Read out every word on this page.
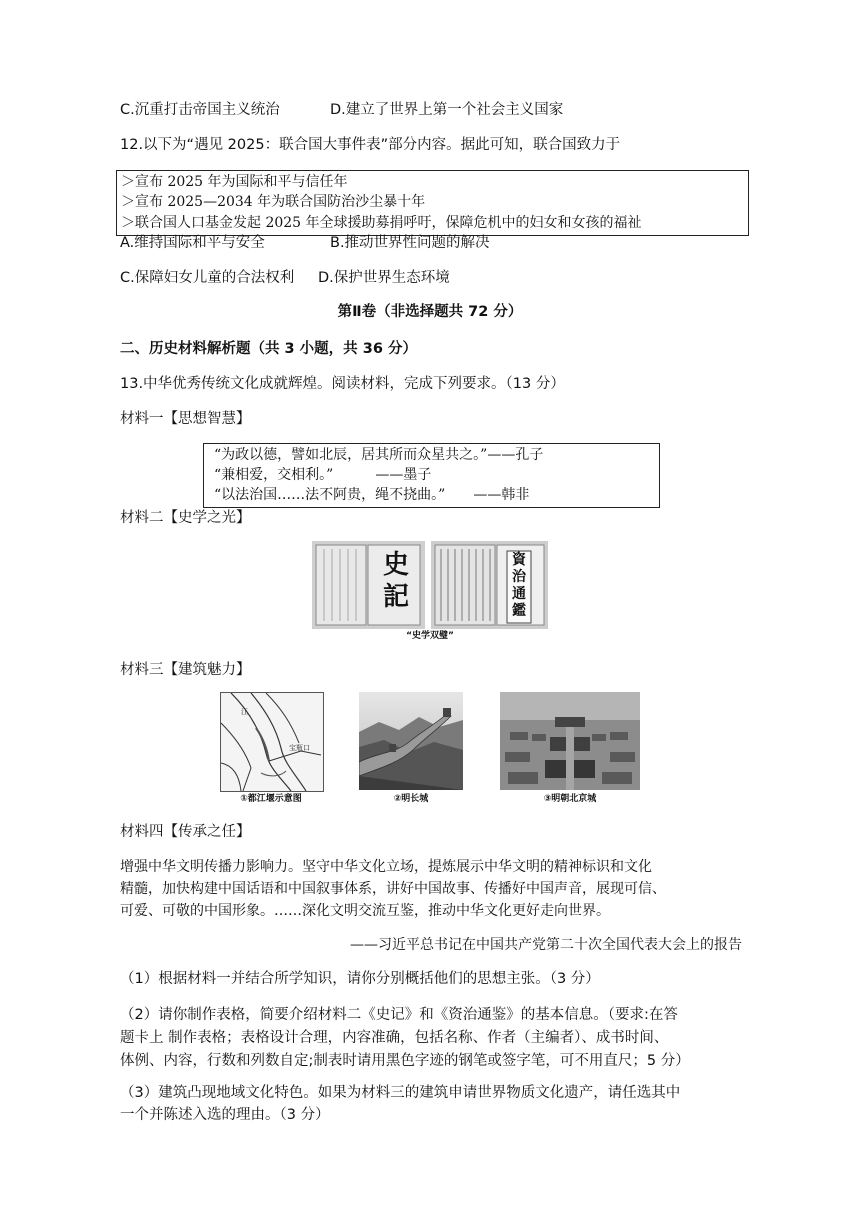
C.沉重打击帝国主义统治	D.建立了世界上第一个社会主义国家
12.以下为“遇见 2025：联合国大事件表”部分内容。据此可知，联合国致力于
＞宣布 2025 年为国际和平与信任年
＞宣布 2025—2034 年为联合国防治沙尘暴十年
＞联合国人口基金发起 2025 年全球援助募捐呼吁，保障危机中的妇女和女孩的福祉
A.维持国际和平与安全	B.推动世界性问题的解决
C.保障妇女儿童的合法权利 D.保护世界生态环境
第Ⅱ卷（非选择题共 72 分）
二、历史材料解析题（共 3 小题，共 36 分）
13.中华优秀传统文化成就辉煌。阅读材料，完成下列要求。（13 分）
材料一【思想智慧】
“为政以德，譬如北辰，居其所而众星共之。”——孔子
“兼相爱，交相利。”　　　——墨子
“以法治国……法不阿贵，绳不挠曲。”　　——韩非
材料二【史学之光】
史
記
資
治
通
鑑
“史学双璧”
材料三【建筑魅力】
江
宝瓶口
①都江堰示意图	②明长城	③明朝北京城
材料四【传承之任】
增强中华文明传播力影响力。坚守中华文化立场，提炼展示中华文明的精神标识和文化
精髓，加快构建中国话语和中国叙事体系，讲好中国故事、传播好中国声音，展现可信、
可爱、可敬的中国形象。……深化文明交流互鉴，推动中华文化更好走向世界。
——习近平总书记在中国共产党第二十次全国代表大会上的报告
（1）根据材料一并结合所学知识，请你分别概括他们的思想主张。（3 分）
（2）请你制作表格，简要介绍材料二《史记》和《资治通鉴》的基本信息。（要求:在答
题卡上 制作表格；表格设计合理，内容准确，包括名称、作者（主编者）、成书时间、
体例、内容，行数和列数自定;制表时请用黑色字迹的钢笔或签字笔，可不用直尺；5 分）
（3）建筑凸现地域文化特色。如果为材料三的建筑申请世界物质文化遗产，请任选其中
一个并陈述入选的理由。（3 分）
